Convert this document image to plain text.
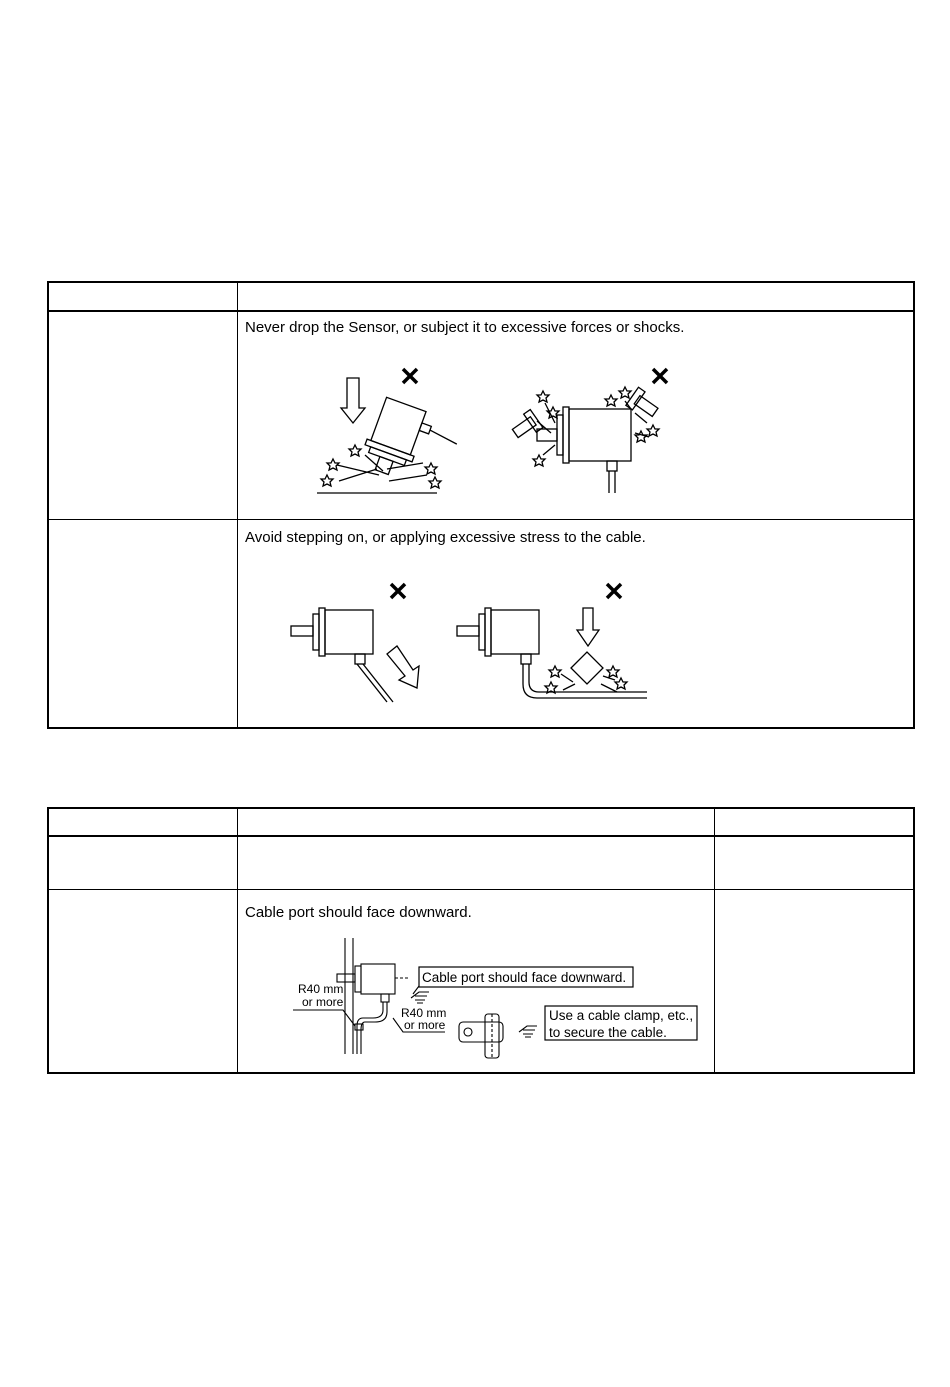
Never drop the Sensor, or subject it to excessive forces or shocks.
Avoid stepping on, or applying excessive stress to the cable.
Cable port should face downward.
Cable port should face downward.
R40 mm
or more
R40 mm
or more
Use a cable clamp, etc.,
to secure the cable.
